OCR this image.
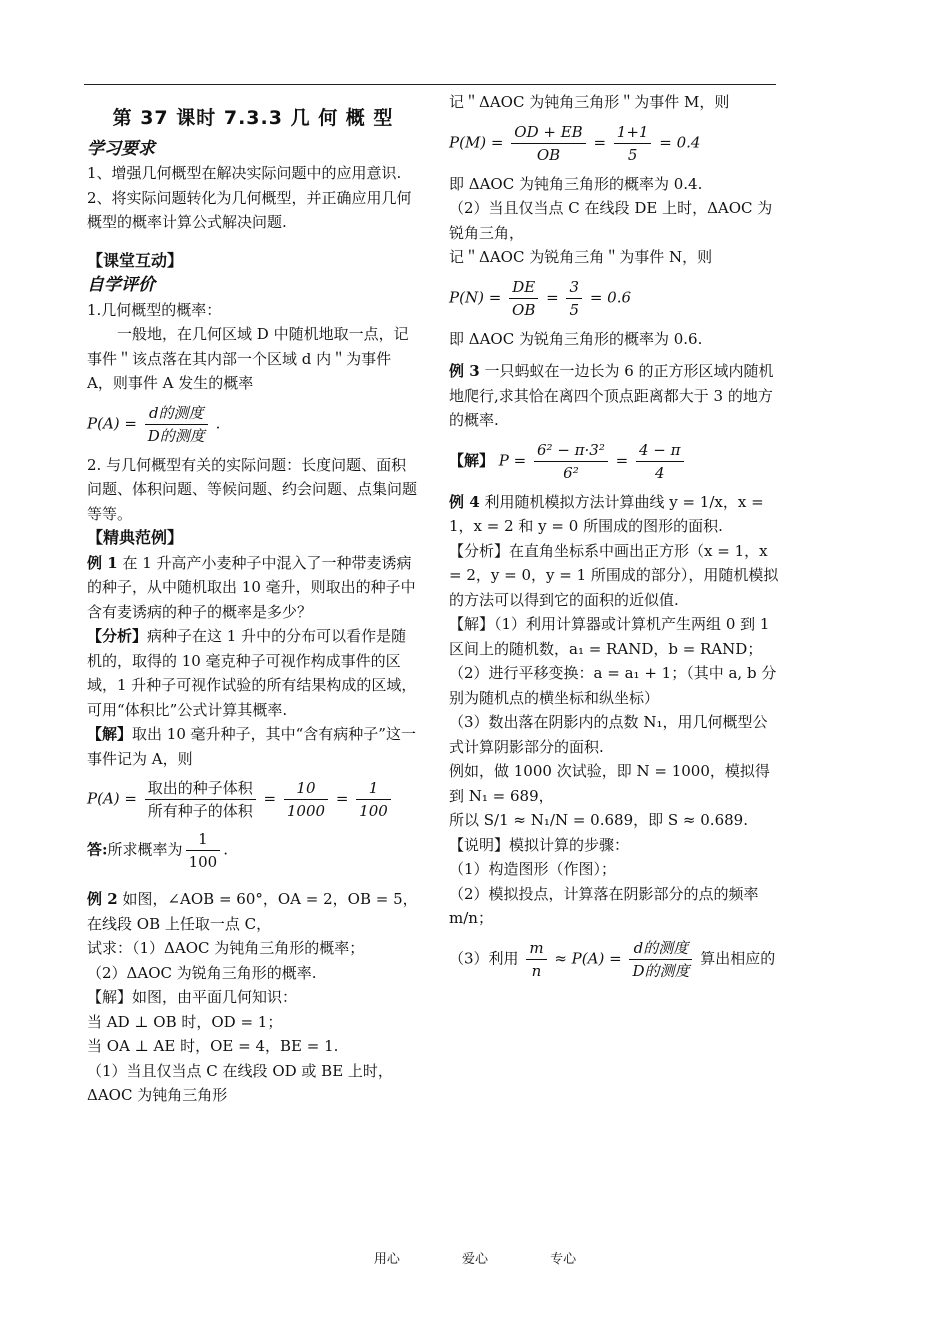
第 37 课时 7.3.3 几 何 概 型
学习要求
1、增强几何概型在解决实际问题中的应用意识.
2、将实际问题转化为几何概型，并正确应用几何概型的概率计算公式解决问题.
【课堂互动】
自学评价
1.几何概型的概率：
一般地，在几何区域 D 中随机地取一点，记事件＂该点落在其内部一个区域 d 内＂为事件 A，则事件 A 发生的概率
$P(A) = \frac{\text{d的测度}}{\text{D的测度}}$ .
2. 与几何概型有关的实际问题：长度问题、面积问题、体积问题、等候问题、约会问题、点集问题等等。
【精典范例】
例 1 在 1 升高产小麦种子中混入了一种带麦诱病的种子，从中随机取出 10 毫升，则取出的种子中含有麦诱病的种子的概率是多少？
【分析】病种子在这 1 升中的分布可以看作是随机的，取得的 10 毫克种子可视作构成事件的区域，1 升种子可视作试验的所有结果构成的区域，可用“体积比”公式计算其概率.
【解】取出 10 毫升种子，其中“含有病种子”这一事件记为 A，则
$P(A) = \frac{\text{取出的种子体积}}{\text{所有种子的体积}} = \frac{10}{1000} = \frac{1}{100}$
答:所求概率为 $\frac{1}{100}$ .
例 2 如图，∠AOB = 60°，OA = 2，OB = 5，在线段 OB 上任取一点 C，
试求：（1）ΔAOC 为钝角三角形的概率；
（2）ΔAOC 为锐角三角形的概率.
【解】如图，由平面几何知识：
当 AD ⊥ OB 时，OD = 1；
当 OA ⊥ AE 时，OE = 4，BE = 1.
（1）当且仅当点 C 在线段 OD 或 BE 上时，ΔAOC 为钝角三角形
记＂ΔAOC 为钝角三角形＂为事件 M，则
$P(M) = \frac{OD + EB}{OB} = \frac{1+1}{5} = 0.4$
即 ΔAOC 为钝角三角形的概率为 0.4.
（2）当且仅当点 C 在线段 DE 上时，ΔAOC 为锐角三角，
记＂ΔAOC 为锐角三角＂为事件 N，则
$P(N) = \frac{DE}{OB} = \frac{3}{5} = 0.6$
即 ΔAOC 为锐角三角形的概率为 0.6.
例 3 一只蚂蚁在一边长为 6 的正方形区域内随机地爬行,求其恰在离四个顶点距离都大于 3 的地方的概率.
【解】 $P = \frac{\text{6² − π·3²}}{\text{6²}} = \frac{4 - \pi}{4}$
例 4 利用随机模拟方法计算曲线 y = 1/x，x = 1，x = 2 和 y = 0 所围成的图形的面积.
【分析】在直角坐标系中画出正方形（x = 1，x = 2，y = 0，y = 1 所围成的部分），用随机模拟的方法可以得到它的面积的近似值.
【解】（1）利用计算器或计算机产生两组 0 到 1 区间上的随机数，a₁ = RAND，b = RAND；
（2）进行平移变换：a = a₁ + 1；（其中 a, b 分别为随机点的横坐标和纵坐标）
（3）数出落在阴影内的点数 N₁，用几何概型公式计算阴影部分的面积.
例如，做 1000 次试验，即 N = 1000，模拟得到 N₁ = 689，
所以 S/1 ≈ N₁/N = 0.689，即 S ≈ 0.689.
【说明】模拟计算的步骤：
（1）构造图形（作图）；
（2）模拟投点，计算落在阴影部分的点的频率 m/n；
（3）利用 $\frac{m}{n} \approx P(A) = \frac{\text{d的测度}}{\text{D的测度}}$ 算出相应的
用心	爱心	专心
